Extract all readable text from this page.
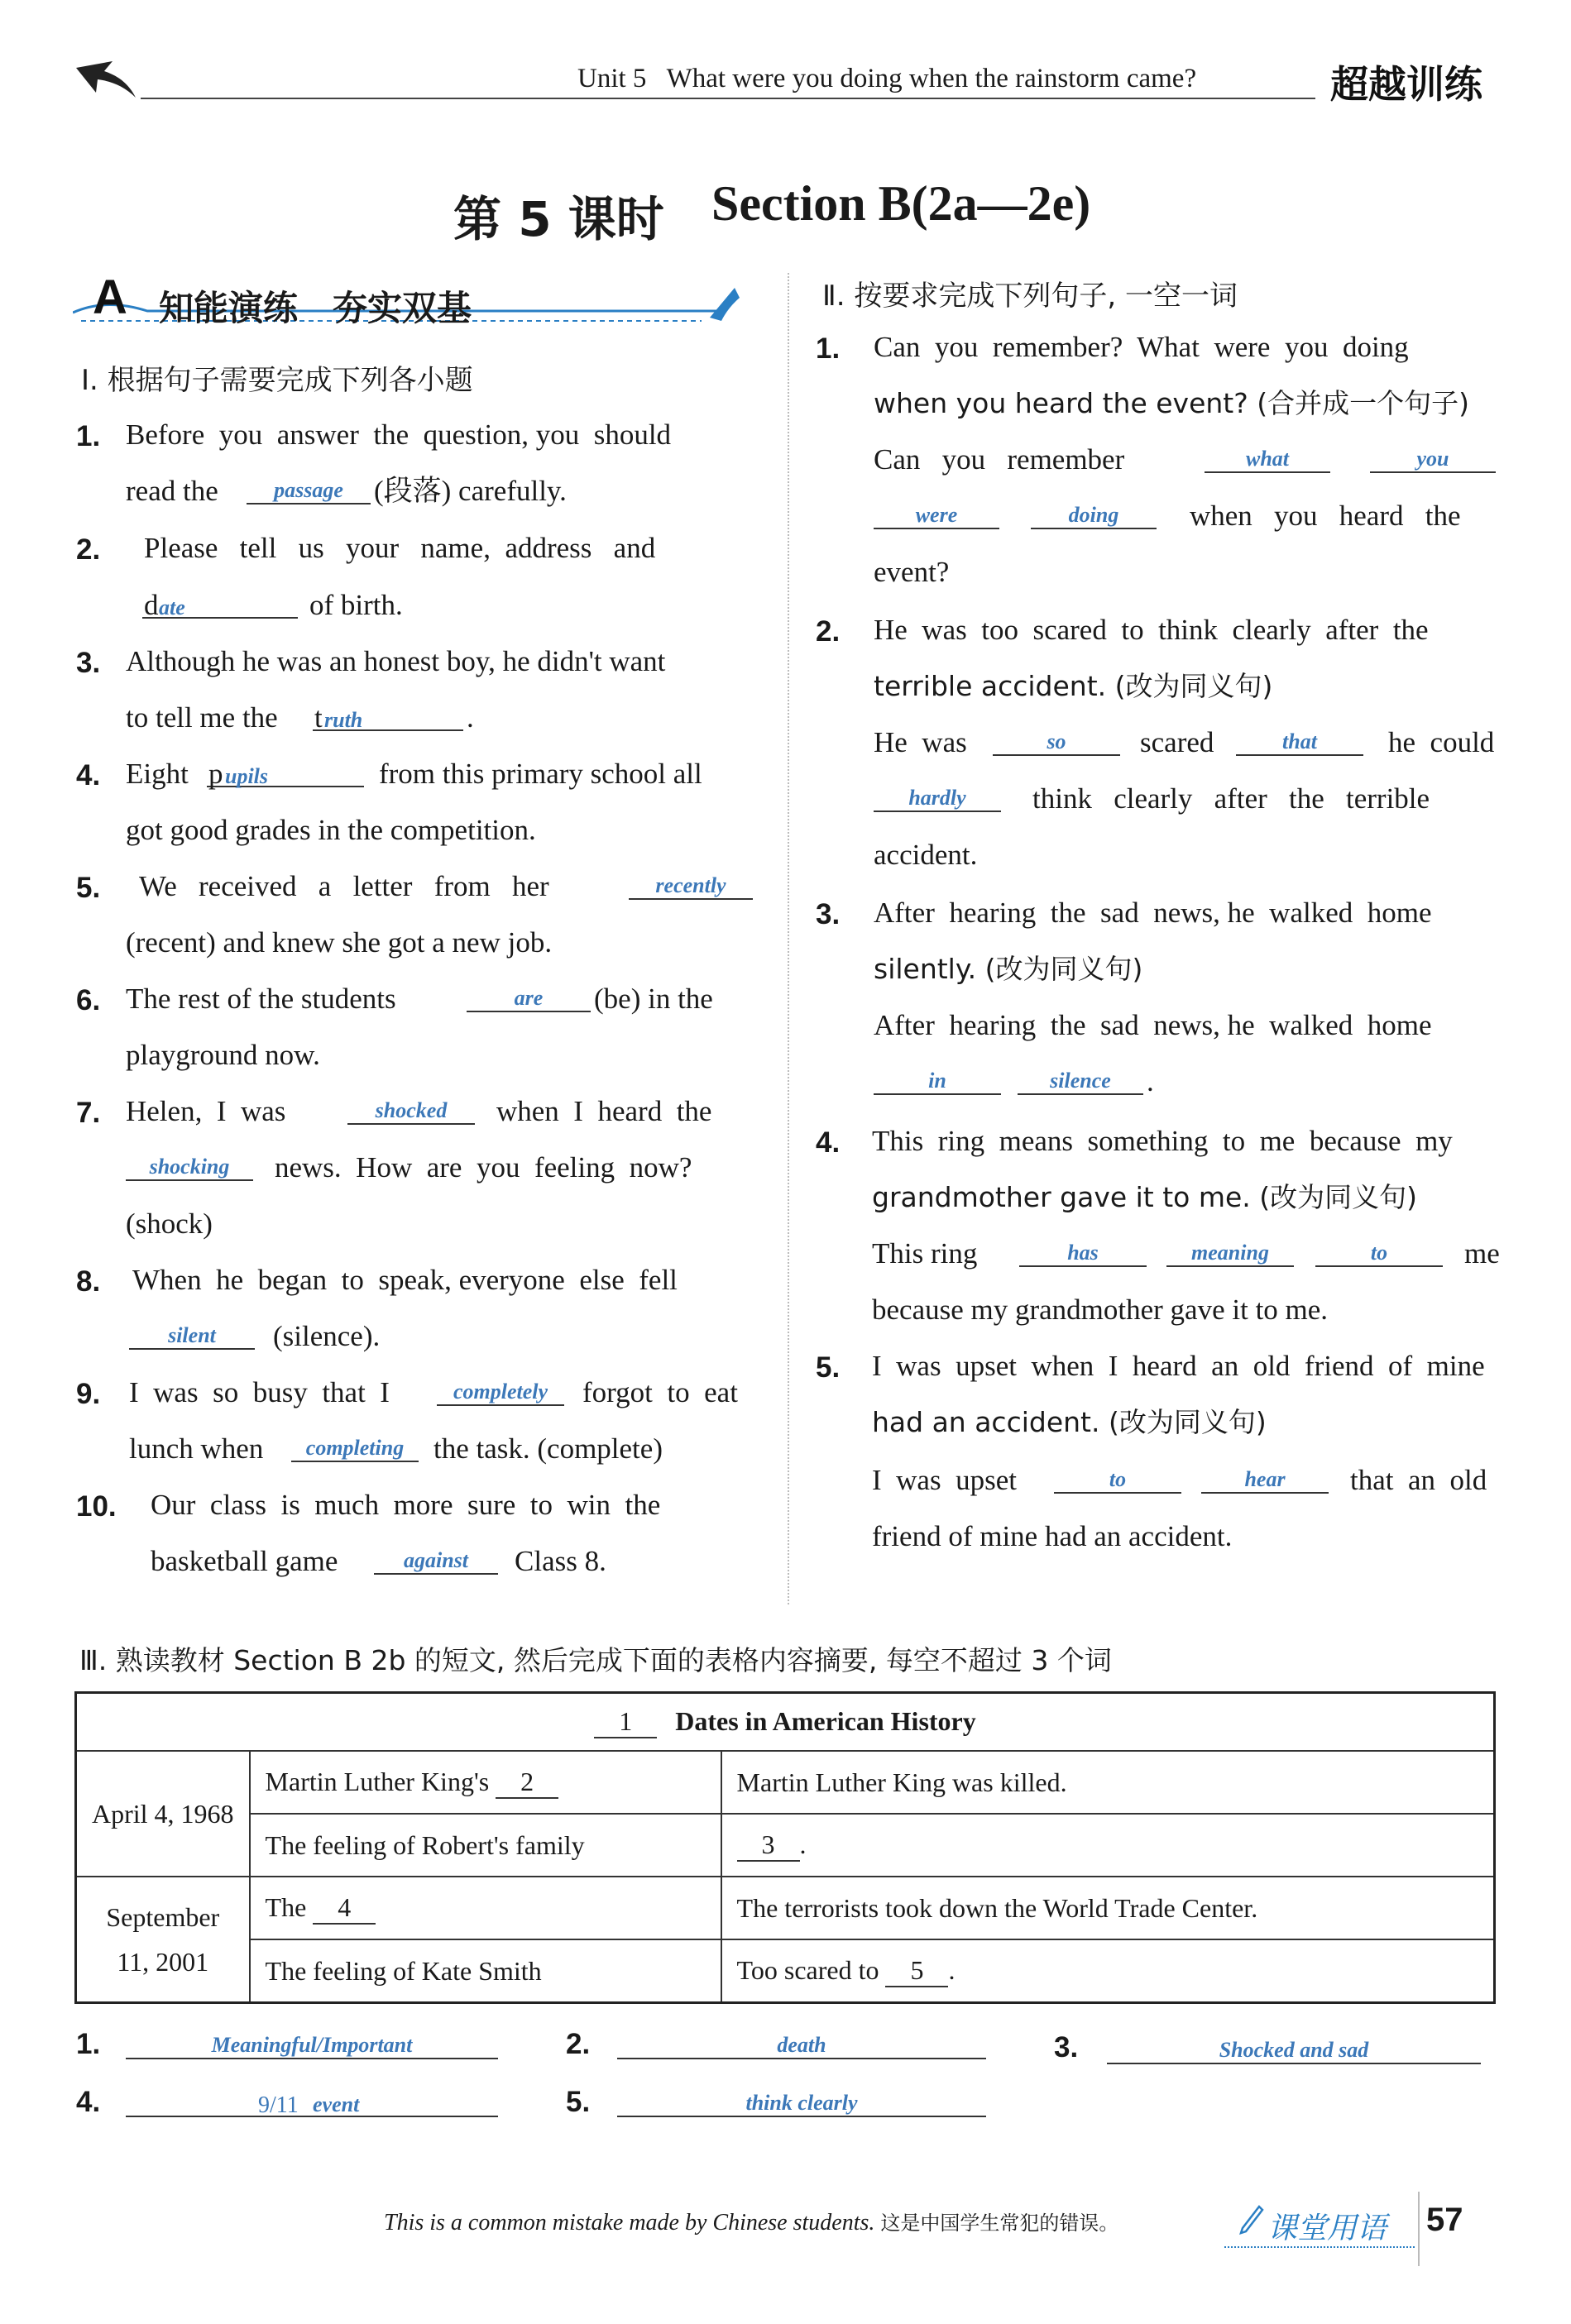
Unit 5   What were you doing when the rainstorm came?	超越训练
第 5 课时 Section B(2a—2e)
A 知能演练　夯实双基
Ⅰ. 根据句子需要完成下列各小题
1. Before  you  answer  the  question, you  should
read the	passage	(段落) carefully.
2. Please   tell   us   your   name,  address   and
d ate	of birth.
3. Although he was an honest boy, he didn't want
to tell me the t ruth	.
4. Eight p upils	from this primary school all
got good grades in the competition.
5. We   received   a   letter   from   her	recently
(recent) and knew she got a new job.
6. The rest of the students	are	(be) in the
playground now.
7. Helen,  I  was	shocked	when  I  heard  the
shocking	news.  How  are  you  feeling  now?
(shock)
8. When  he  began  to  speak, everyone  else  fell
silent	(silence).
9. I  was  so  busy  that  I	completely	forgot  to  eat
lunch when	completing	the task. (complete)
10. Our  class  is  much  more  sure  to  win  the
basketball game	against	Class 8.
Ⅱ. 按要求完成下列句子, 一空一词
1. Can  you  remember?  What  were  you  doing
when you heard the event? (合并成一个句子)
Can   you   remember	what	you
were	doing	when   you   heard   the
event?
2. He  was  too  scared  to  think  clearly  after  the
terrible accident. (改为同义句)
He  was	so	scared	that	he  could
hardly	think   clearly   after   the   terrible
accident.
3. After  hearing  the  sad  news, he  walked  home
silently. (改为同义句)
After  hearing  the  sad  news, he  walked  home
in	silence	.
4. This  ring  means  something  to  me  because  my
grandmother gave it to me. (改为同义句)
This ring	has	meaning	to	me
because my grandmother gave it to me.
5. I  was  upset  when  I  heard  an  old  friend  of  mine
had an accident. (改为同义句)
I  was  upset	to	hear	that  an  old
friend of mine had an accident.
Ⅲ. 熟读教材 Section B 2b 的短文, 然后完成下面的表格内容摘要, 每空不超过 3 个词
1 Dates in American History		
April 4, 1968	Martin Luther King's 2	Martin Luther King was killed.
	The feeling of Robert's family	3 .
September
11, 2001	The 4	The terrorists took down the World Trade Center.
	The feeling of Kate Smith	Too scared to 5 .
1.	Meaningful/Important	2.	death	3.	Shocked and sad
4.	9/11 event	5.	think clearly
This is a common mistake made by Chinese students. 这是中国学生常犯的错误。	课堂用语 57
